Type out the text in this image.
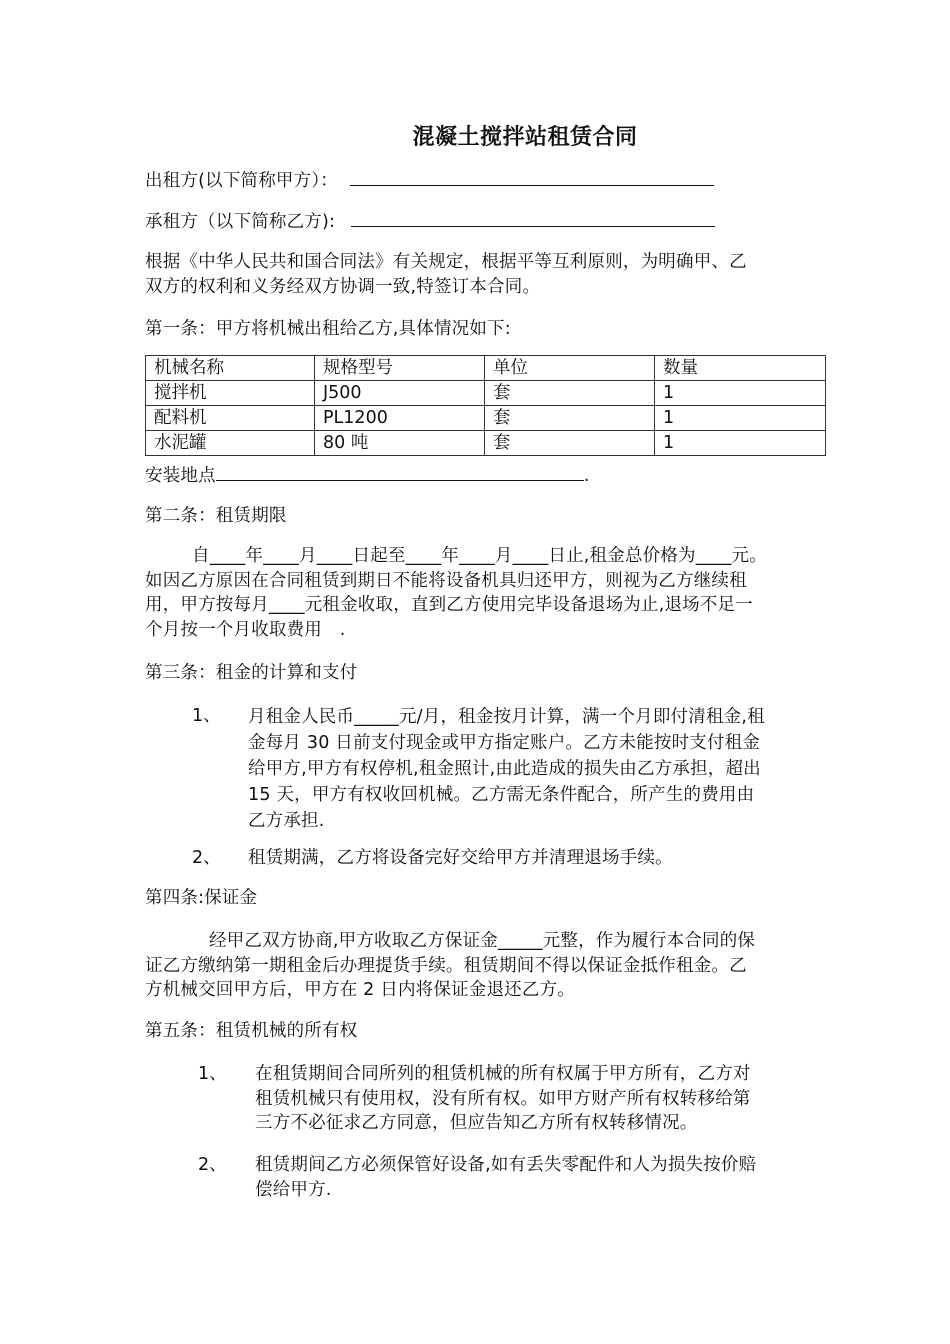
混凝土搅拌站租赁合同
出租方(以下简称甲方）：
承租方（以下简称乙方):
根据《中华人民共和国合同法》有关规定，根据平等互利原则，为明确甲、乙
双方的权利和义务经双方协调一致,特签订本合同。
第一条：甲方将机械出租给乙方,具体情况如下:
机械名称	规格型号	单位	数量
搅拌机	J500	套	1
配料机	PL1200	套	1
水泥罐	80 吨	套	1
安装地点	.
第二条：租赁期限
自____年____月____日起至____年____月____日止,租金总价格为____元。
如因乙方原因在合同租赁到期日不能将设备机具归还甲方，则视为乙方继续租
用，甲方按每月____元租金收取，直到乙方使用完毕设备退场为止,退场不足一
个月按一个月收取费用　.
第三条：租金的计算和支付
1、 月租金人民币_____元/月，租金按月计算，满一个月即付清租金,租
金每月 30 日前支付现金或甲方指定账户。乙方未能按时支付租金
给甲方,甲方有权停机,租金照计,由此造成的损失由乙方承担，超出
15 天，甲方有权收回机械。乙方需无条件配合，所产生的费用由
乙方承担.
2、 租赁期满，乙方将设备完好交给甲方并清理退场手续。
第四条:保证金
经甲乙双方协商,甲方收取乙方保证金_____元整，作为履行本合同的保
证乙方缴纳第一期租金后办理提货手续。租赁期间不得以保证金抵作租金。乙
方机械交回甲方后，甲方在 2 日内将保证金退还乙方。
第五条：租赁机械的所有权
1、 在租赁期间合同所列的租赁机械的所有权属于甲方所有，乙方对
租赁机械只有使用权，没有所有权。如甲方财产所有权转移给第
三方不必征求乙方同意，但应告知乙方所有权转移情况。
2、 租赁期间乙方必须保管好设备,如有丢失零配件和人为损失按价赔
偿给甲方.
